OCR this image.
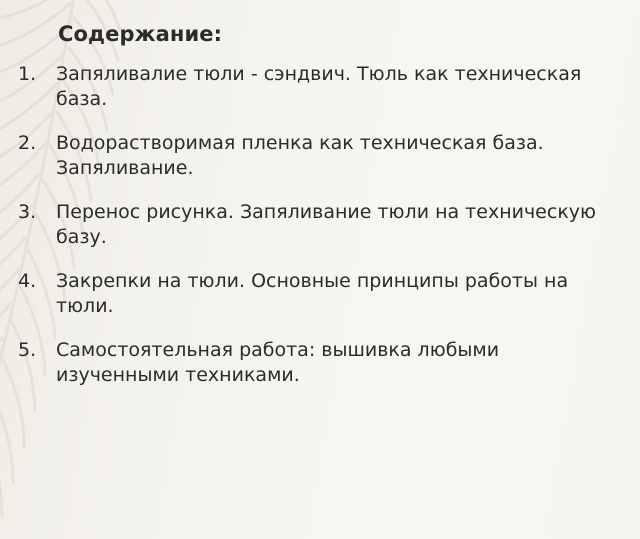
Содержание:
1.	Запяливалие тюли - сэндвич. Тюль как техническая база.
2.	Водорастворимая пленка как техническая база. Запяливание.
3.	Перенос рисунка. Запяливание тюли на техническую базу.
4.	Закрепки на тюли. Основные принципы работы на тюли.
5.	Самостоятельная работа: вышивка любыми изученными техниками.
